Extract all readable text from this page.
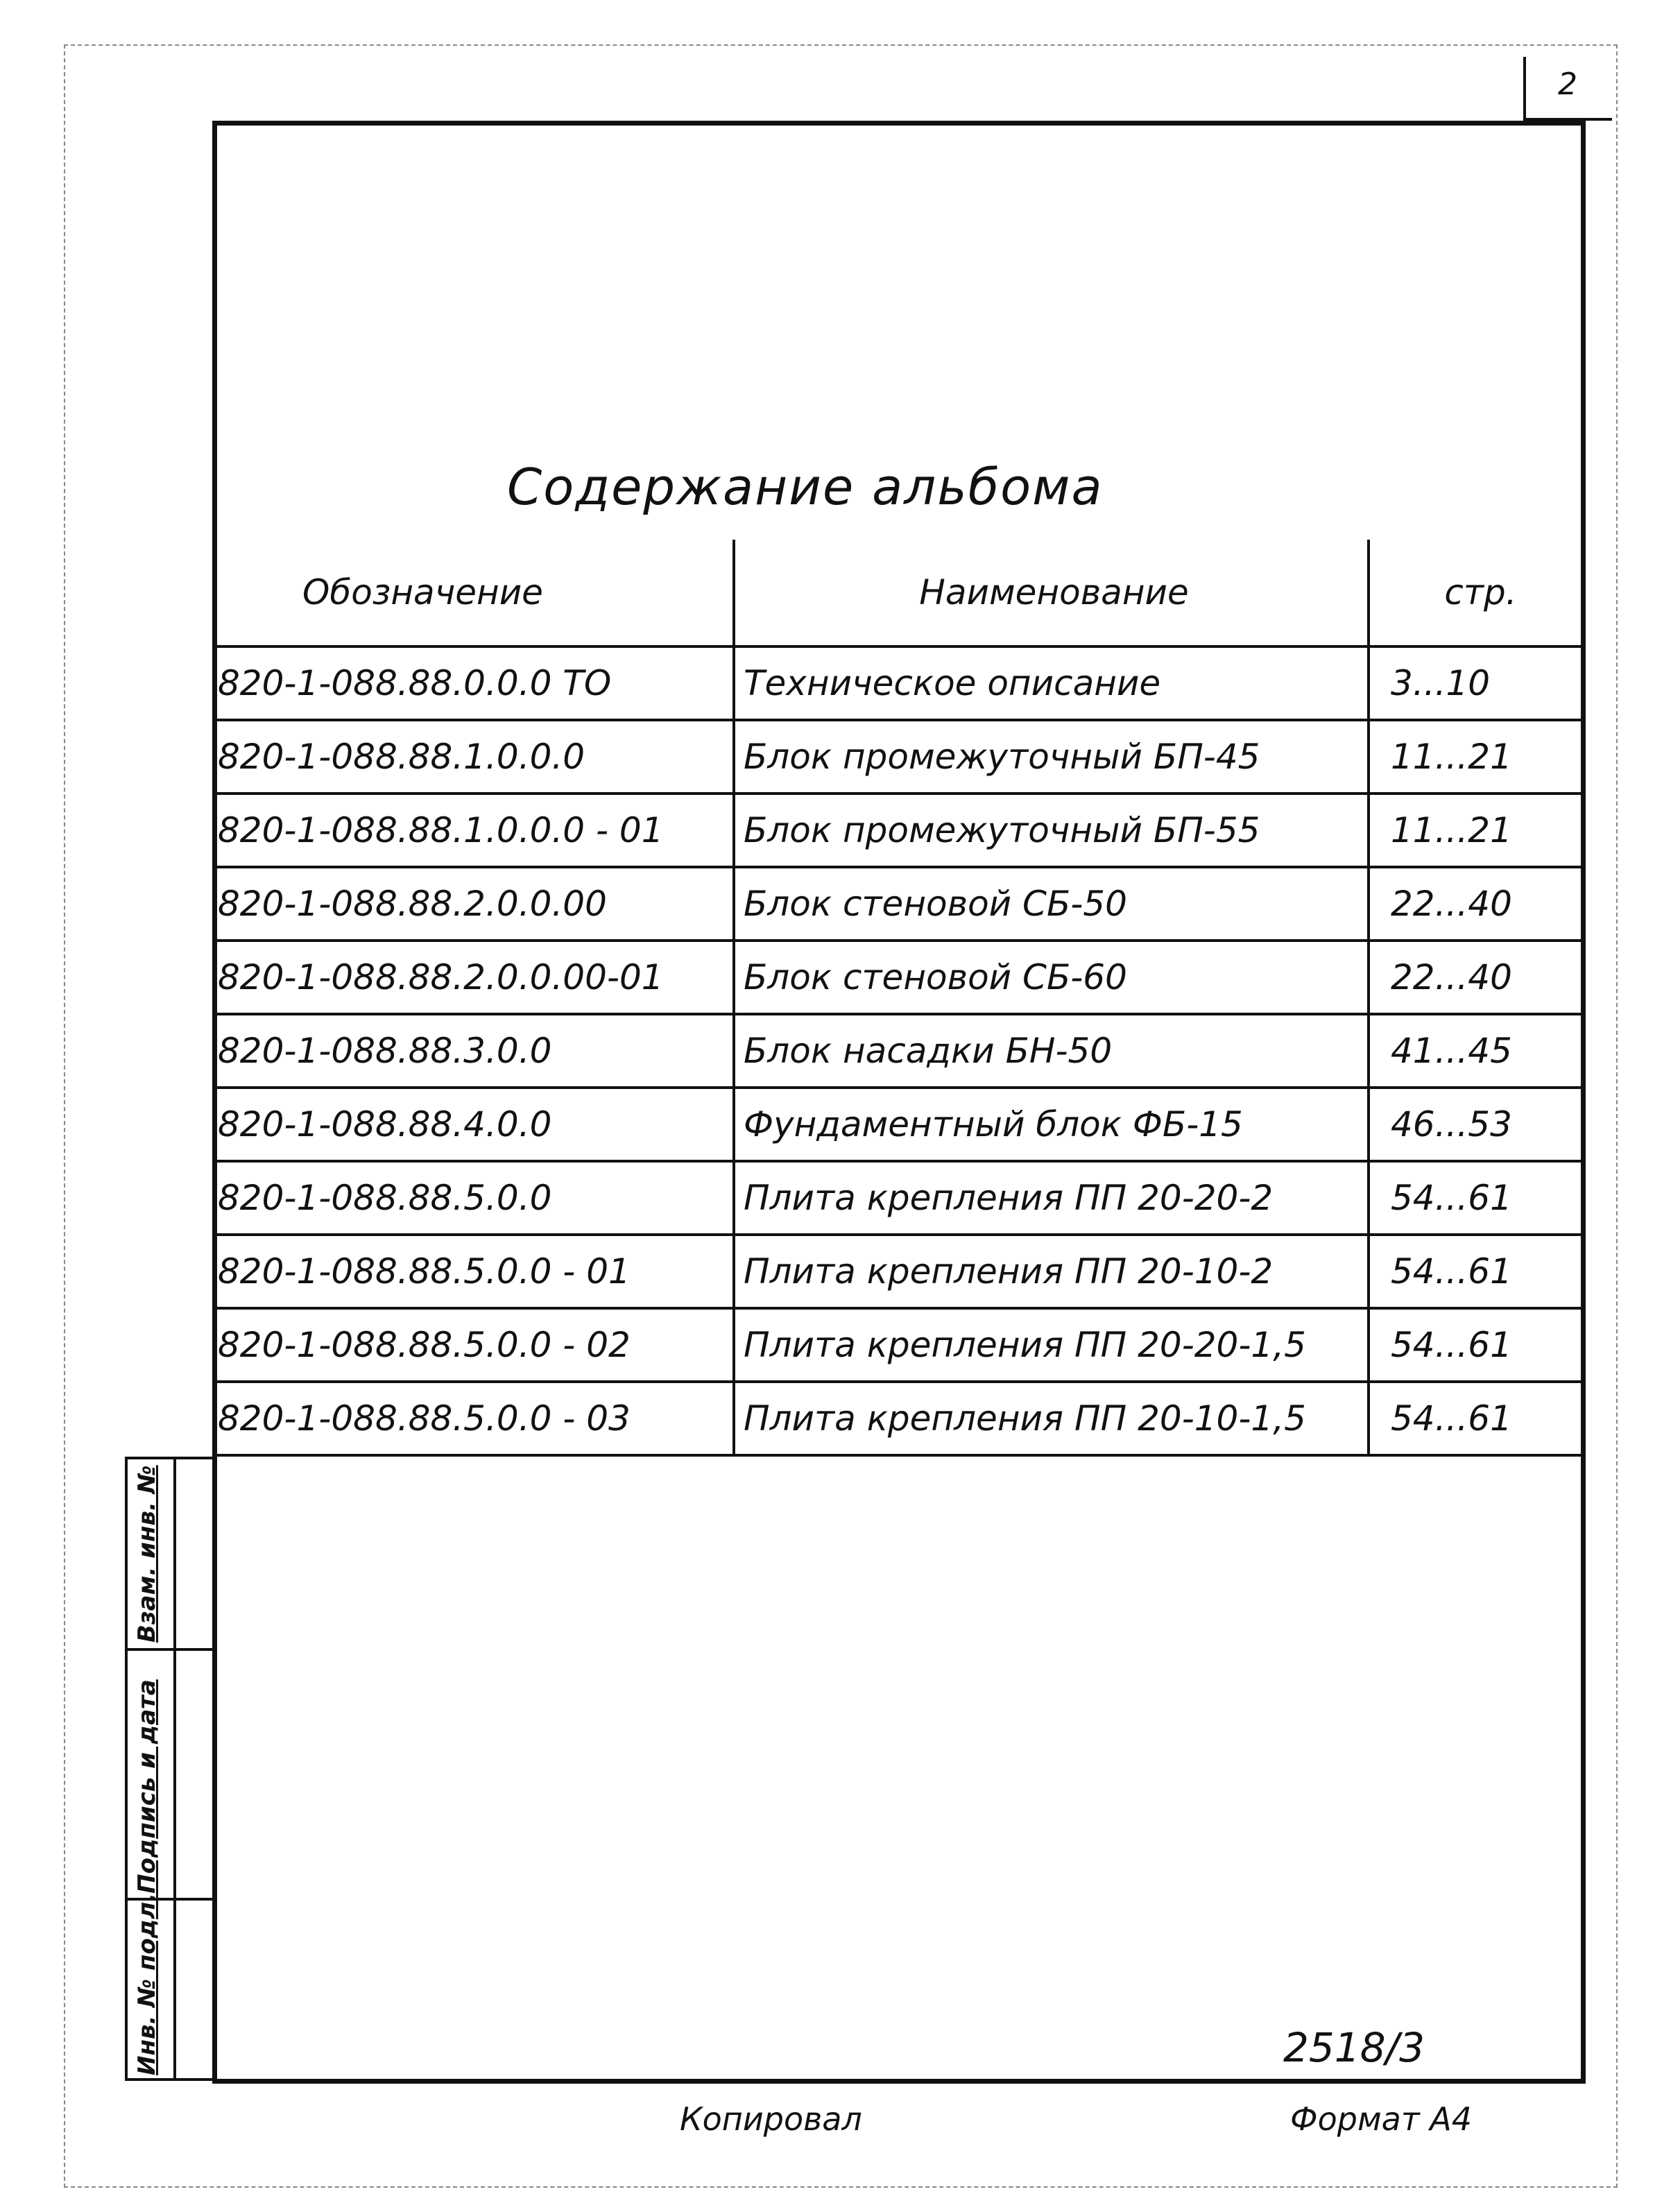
2
Содержание альбома
Обозначение	Наименование	стр.
820-1-088.88.0.0.0 ТО	Техническое описание	3...10
820-1-088.88.1.0.0.0	Блок промежуточный БП-45	11...21
820-1-088.88.1.0.0.0 - 01	Блок промежуточный БП-55	11...21
820-1-088.88.2.0.0.00	Блок стеновой СБ-50	22...40
820-1-088.88.2.0.0.00-01	Блок стеновой СБ-60	22...40
820-1-088.88.3.0.0	Блок насадки БН-50	41...45
820-1-088.88.4.0.0	Фундаментный блок ФБ-15	46...53
820-1-088.88.5.0.0	Плита крепления ПП 20-20-2	54...61
820-1-088.88.5.0.0 - 01	Плита крепления ПП 20-10-2	54...61
820-1-088.88.5.0.0 - 02	Плита крепления ПП 20-20-1,5	54...61
820-1-088.88.5.0.0 - 03	Плита крепления ПП 20-10-1,5	54...61
Взам. инв. №
Подпись и дата
Инв. № подл.	2518/3
Копировал	Формат А4
